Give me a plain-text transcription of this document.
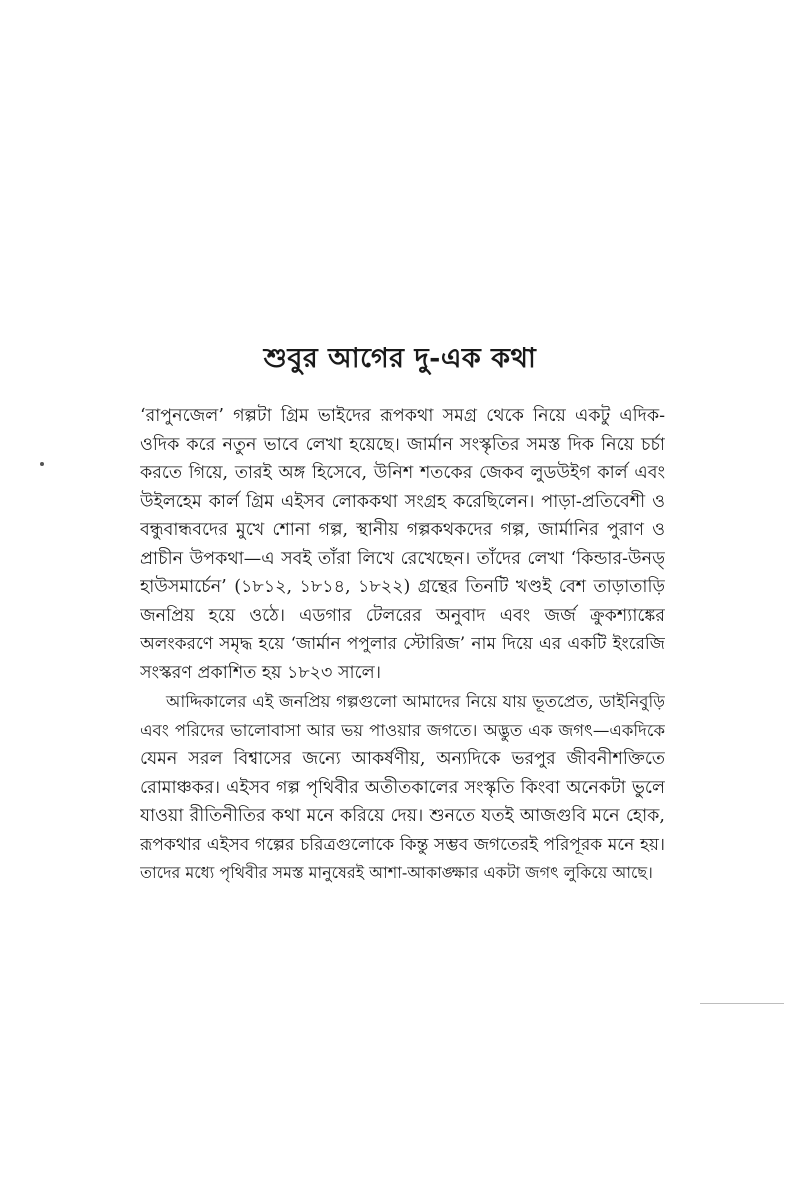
শুবুর আগের দু-এক কথা
‘রাপুনজেল’ গল্পটা গ্রিম ভাইদের রূপকথা সমগ্র থেকে নিয়ে একটু এদিক-
ওদিক করে নতুন ভাবে লেখা হয়েছে। জার্মান সংস্কৃতির সমস্ত দিক নিয়ে চর্চা
করতে গিয়ে, তারই অঙ্গ হিসেবে, উনিশ শতকের জেকব লুডউইগ কার্ল এবং
উইলহেম কার্ল গ্রিম এইসব লোককথা সংগ্রহ করেছিলেন। পাড়া-প্রতিবেশী ও
বন্ধুবান্ধবদের মুখে শোনা গল্প, স্থানীয় গল্পকথকদের গল্প, জার্মানির পুরাণ ও
প্রাচীন উপকথা—এ সবই তাঁরা লিখে রেখেছেন। তাঁদের লেখা ‘কিন্ডার-উনড্
হাউসমার্চেন’ (১৮১২, ১৮১৪, ১৮২২) গ্রন্থের তিনটি খণ্ডই বেশ তাড়াতাড়ি
জনপ্রিয় হয়ে ওঠে। এডগার টেলরের অনুবাদ এবং জর্জ ক্রুকশ্যাঙ্কের
অলংকরণে সমৃদ্ধ হয়ে ‘জার্মান পপুলার স্টোরিজ’ নাম দিয়ে এর একটি ইংরেজি
সংস্করণ প্রকাশিত হয় ১৮২৩ সালে।
আদ্দিকালের এই জনপ্রিয় গল্পগুলো আমাদের নিয়ে যায় ভূতপ্রেত, ডাইনিবুড়ি
এবং পরিদের ভালোবাসা আর ভয় পাওয়ার জগতে। অদ্ভুত এক জগৎ—একদিকে
যেমন সরল বিশ্বাসের জন্যে আকর্ষণীয়, অন্যদিকে ভরপুর জীবনীশক্তিতে
রোমাঞ্চকর। এইসব গল্প পৃথিবীর অতীতকালের সংস্কৃতি কিংবা অনেকটা ভুলে
যাওয়া রীতিনীতির কথা মনে করিয়ে দেয়। শুনতে যতই আজগুবি মনে হোক,
রূপকথার এইসব গল্পের চরিত্রগুলোকে কিন্তু সম্ভব জগতেরই পরিপূরক মনে হয়।
তাদের মধ্যে পৃথিবীর সমস্ত মানুষেরই আশা-আকাঙ্ক্ষার একটা জগৎ লুকিয়ে আছে।
